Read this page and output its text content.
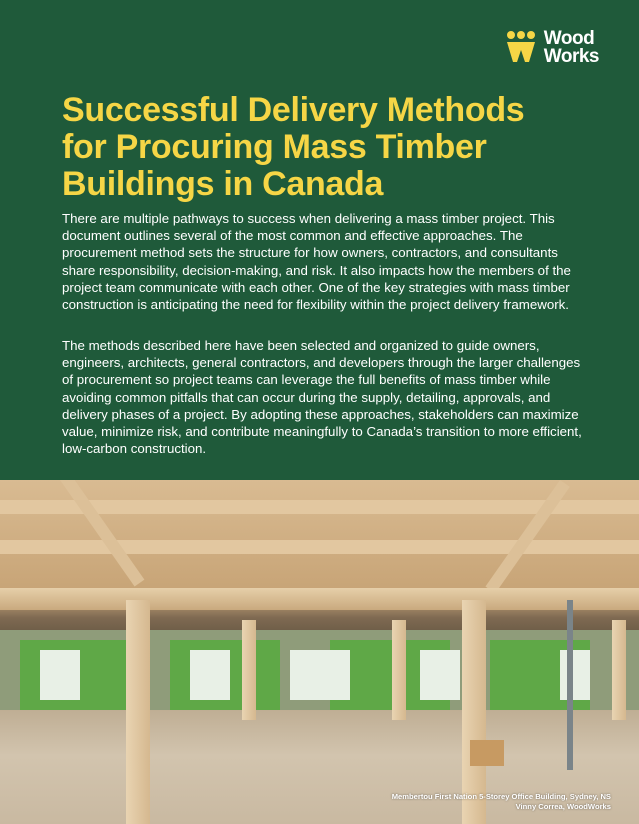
Wood
Works
Successful Delivery Methods
for Procuring Mass Timber
Buildings in Canada

There are multiple pathways to success when delivering a mass timber project. This document outlines several of the most common and effective approaches. The procurement method sets the structure for how owners, contractors, and consultants share responsibility, decision-making, and risk. It also impacts how the members of the project team communicate with each other. One of the key strategies with mass timber construction is anticipating the need for flexibility within the project delivery framework.

The methods described here have been selected and organized to guide owners, engineers, architects, general contractors, and developers through the larger challenges of procurement so project teams can leverage the full benefits of mass timber while avoiding common pitfalls that can occur during the supply, detailing, approvals, and delivery phases of a project. By adopting these approaches, stakeholders can maximize value, minimize risk, and contribute meaningfully to Canada’s transition to more efficient, low-carbon construction.

Membertou First Nation 5-Storey Office Building, Sydney, NS
Vinny Correa, WoodWorks
